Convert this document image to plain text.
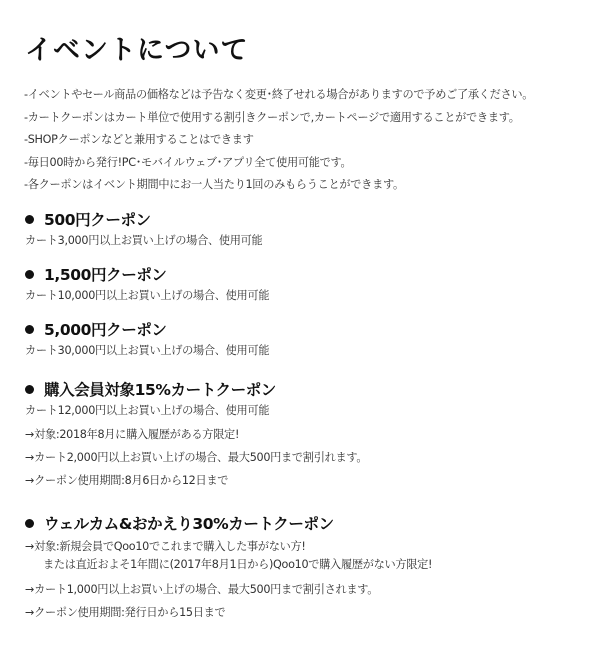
イベントについて
-イベントやセール商品の価格などは予告なく変更･終了せれる場合がありますので予めご了承ください。
-カートクーポンはカート単位で使用する割引きクーポンで,カートページで適用することができます。
-SHOPクーポンなどと兼用することはできます
-毎日00時から発行!PC･モバイルウェブ･アプリ全て使用可能です。
-各クーポンはイベント期間中にお一人当たり1回のみもらうことができます。
500円クーポン
カート3,000円以上お買い上げの場合、使用可能
1,500円クーポン
カート10,000円以上お買い上げの場合、使用可能
5,000円クーポン
カート30,000円以上お買い上げの場合、使用可能
購入会員対象15%カートクーポン
カート12,000円以上お買い上げの場合、使用可能
→対象:2018年8月に購入履歴がある方限定!
→カート2,000円以上お買い上げの場合、最大500円まで割引れます。
→クーポン使用期間:8月6日から12日まで
ウェルカム&おかえり30%カートクーポン
→対象:新規会員でQoo10でこれまで購入した事がない方!
または直近およそ1年間に(2017年8月1日から)Qoo10で購入履歴がない方限定!
→カート1,000円以上お買い上げの場合、最大500円まで割引されます。
→クーポン使用期間:発行日から15日まで
